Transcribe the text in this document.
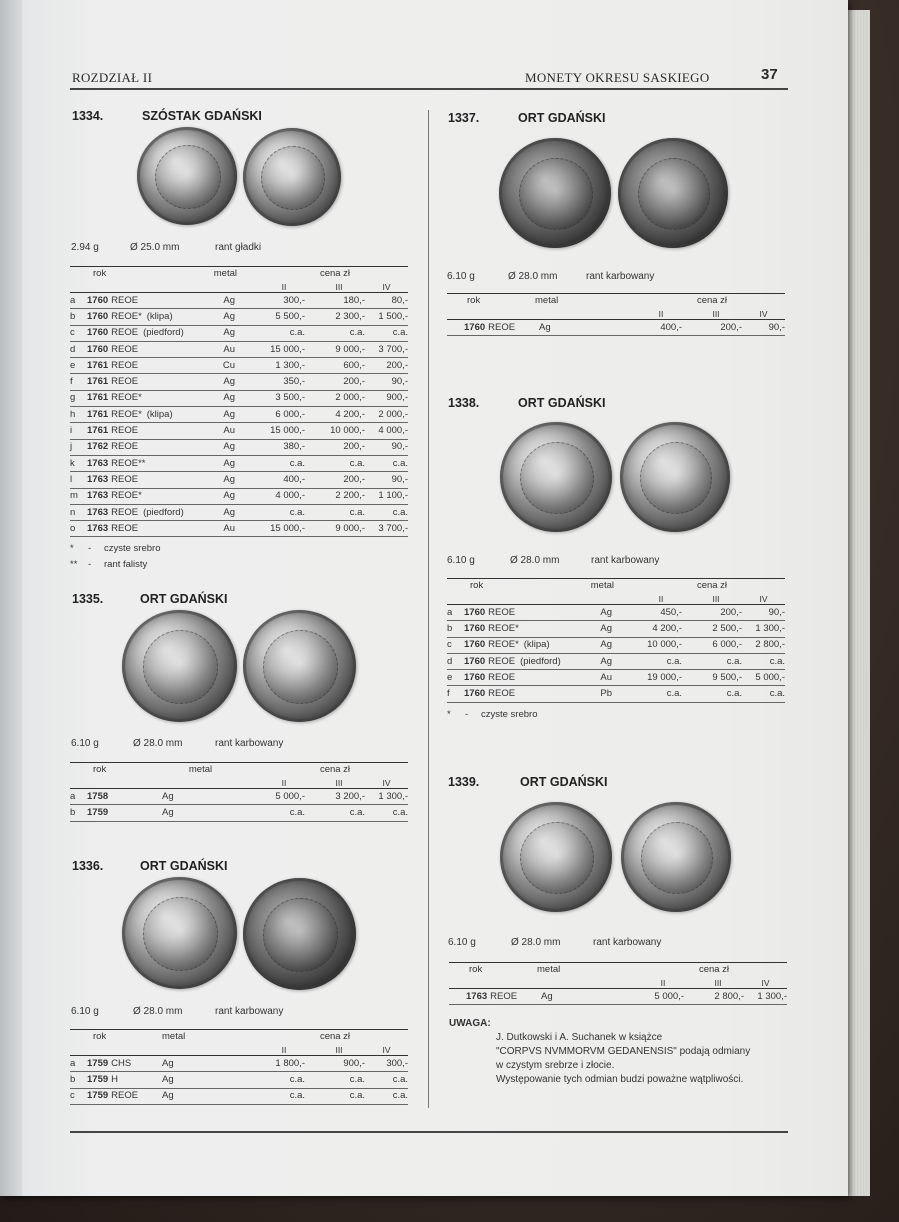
ROZDZIAŁ II	MONETY OKRESU SASKIEGO	37
1334.	SZÓSTAK GDAŃSKI
2.94 g	Ø 25.0 mm	rant gładki
	rok	metal		cena zł	
			II	III	IV
a	1760 REOE	Ag	300,-	180,-	80,-
b	1760 REOE* (klipa)	Ag	5 500,-	2 300,-	1 500,-
c	1760 REOE (piedford)	Ag	c.a.	c.a.	c.a.
d	1760 REOE	Au	15 000,-	9 000,-	3 700,-
e	1761 REOE	Cu	1 300,-	600,-	200,-
f	1761 REOE	Ag	350,-	200,-	90,-
g	1761 REOE*	Ag	3 500,-	2 000,-	900,-
h	1761 REOE* (klipa)	Ag	6 000,-	4 200,-	2 000,-
i	1761 REOE	Au	15 000,-	10 000,-	4 000,-
j	1762 REOE	Ag	380,-	200,-	90,-
k	1763 REOE**	Ag	c.a.	c.a.	c.a.
l	1763 REOE	Ag	400,-	200,-	90,-
m	1763 REOE*	Ag	4 000,-	2 200,-	1 100,-
n	1763 REOE (piedford)	Ag	c.a.	c.a.	c.a.
o	1763 REOE	Au	15 000,-	9 000,-	3 700,-
* - czyste srebro
** - rant falisty
1335.	ORT GDAŃSKI
6.10 g	Ø 28.0 mm	rant karbowany
	rok	metal		cena zł	
			II	III	IV
a	1758	Ag	5 000,-	3 200,-	1 300,-
b	1759	Ag	c.a.	c.a.	c.a.
1336.	ORT GDAŃSKI
6.10 g	Ø 28.0 mm	rant karbowany
	rok	metal		cena zł	
			II	III	IV
a	1759 CHS	Ag	1 800,-	900,-	300,-
b	1759 H	Ag	c.a.	c.a.	c.a.
c	1759 REOE	Ag	c.a.	c.a.	c.a.
1337.	ORT GDAŃSKI
6.10 g	Ø 28.0 mm	rant karbowany
	rok	metal		cena zł	
			II	III	IV
	1760 REOE	Ag	400,-	200,-	90,-
1338.	ORT GDAŃSKI
6.10 g	Ø 28.0 mm	rant karbowany
	rok	metal		cena zł	
			II	III	IV
a	1760 REOE	Ag	450,-	200,-	90,-
b	1760 REOE*	Ag	4 200,-	2 500,-	1 300,-
c	1760 REOE* (klipa)	Ag	10 000,-	6 000,-	2 800,-
d	1760 REOE (piedford)	Ag	c.a.	c.a.	c.a.
e	1760 REOE	Au	19 000,-	9 500,-	5 000,-
f	1760 REOE	Pb	c.a.	c.a.	c.a.
* - czyste srebro
1339.	ORT GDAŃSKI
6.10 g	Ø 28.0 mm	rant karbowany
	rok	metal		cena zł	
			II	III	IV
	1763 REOE	Ag	5 000,-	2 800,-	1 300,-
UWAGA:
J. Dutkowski i A. Suchanek w książce
"CORPVS NVMMORVM GEDANENSIS" podają odmiany
w czystym srebrze i złocie.
Występowanie tych odmian budzi poważne wątpliwości.
